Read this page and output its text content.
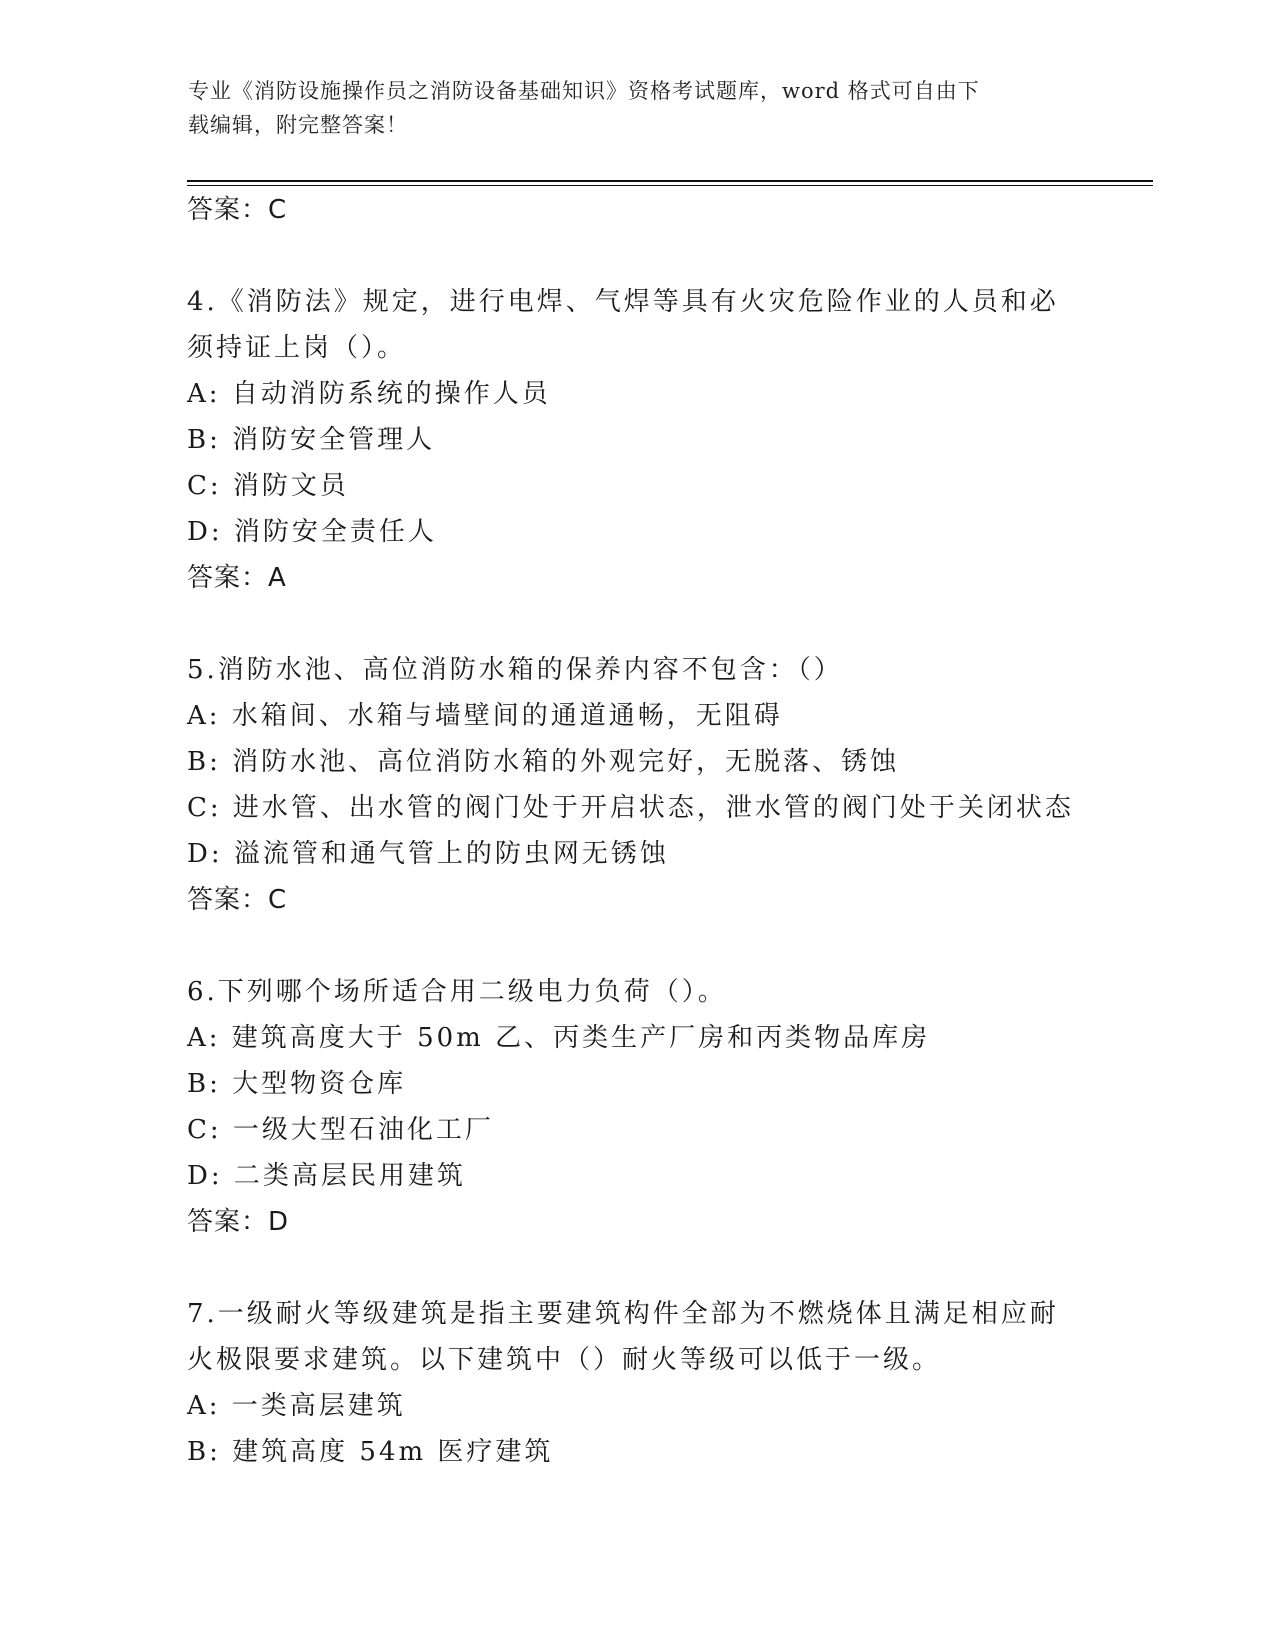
专业《消防设施操作员之消防设备基础知识》资格考试题库，word 格式可自由下
载编辑，附完整答案！

答案：C

4.《消防法》规定，进行电焊、气焊等具有火灾危险作业的人员和必

须持证上岗（）。

A: 自动消防系统的操作人员

B: 消防安全管理人

C: 消防文员

D: 消防安全责任人

答案：A

5.消防水池、高位消防水箱的保养内容不包含：（）

A: 水箱间、水箱与墙壁间的通道通畅，无阻碍

B: 消防水池、高位消防水箱的外观完好，无脱落、锈蚀

C: 进水管、出水管的阀门处于开启状态，泄水管的阀门处于关闭状态

D: 溢流管和通气管上的防虫网无锈蚀

答案：C

6.下列哪个场所适合用二级电力负荷（）。

A: 建筑高度大于 50m 乙、丙类生产厂房和丙类物品库房

B: 大型物资仓库

C: 一级大型石油化工厂

D: 二类高层民用建筑

答案：D

7.一级耐火等级建筑是指主要建筑构件全部为不燃烧体且满足相应耐

火极限要求建筑。以下建筑中（）耐火等级可以低于一级。

A: 一类高层建筑

B: 建筑高度 54m 医疗建筑
